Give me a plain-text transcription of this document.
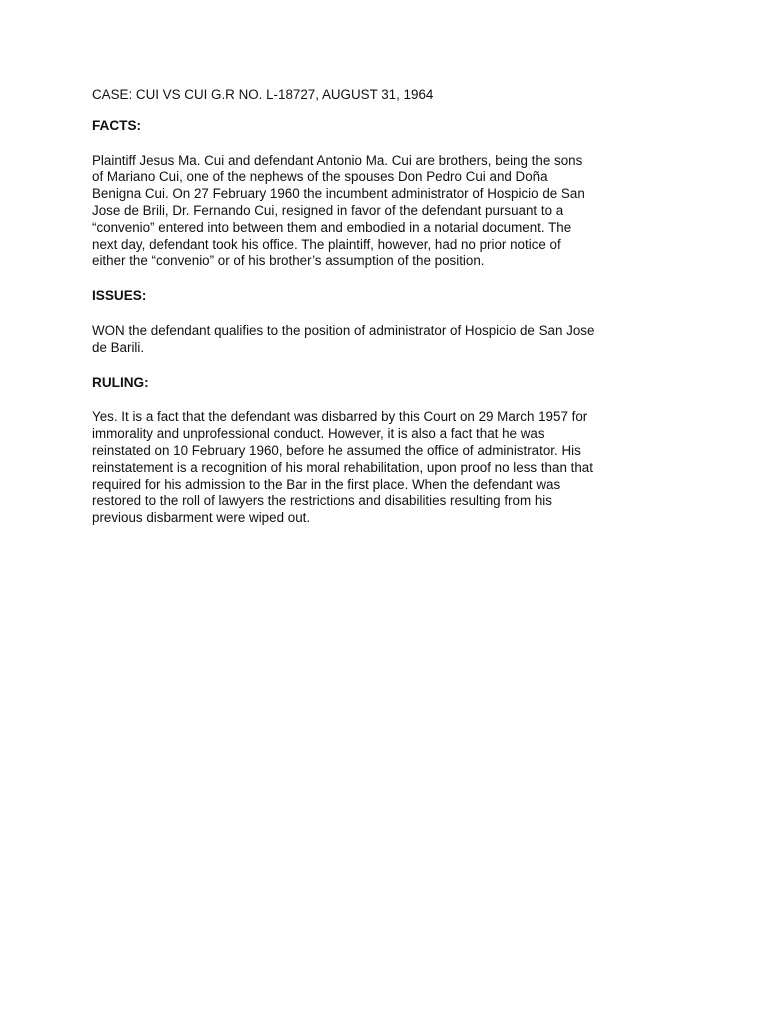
CASE: CUI VS CUI G.R NO. L-18727, AUGUST 31, 1964
FACTS:
Plaintiff Jesus Ma. Cui and defendant Antonio Ma. Cui are brothers, being the sons
of Mariano Cui, one of the nephews of the spouses Don Pedro Cui and Doña
Benigna Cui. On 27 February 1960 the incumbent administrator of Hospicio de San
Jose de Brili, Dr. Fernando Cui, resigned in favor of the defendant pursuant to a
“convenio” entered into between them and embodied in a notarial document. The
next day, defendant took his office. The plaintiff, however, had no prior notice of
either the “convenio” or of his brother’s assumption of the position.
ISSUES:
WON the defendant qualifies to the position of administrator of Hospicio de San Jose
de Barili.
RULING:
Yes. It is a fact that the defendant was disbarred by this Court on 29 March 1957 for
immorality and unprofessional conduct. However, it is also a fact that he was
reinstated on 10 February 1960, before he assumed the office of administrator. His
reinstatement is a recognition of his moral rehabilitation, upon proof no less than that
required for his admission to the Bar in the first place. When the defendant was
restored to the roll of lawyers the restrictions and disabilities resulting from his
previous disbarment were wiped out.
